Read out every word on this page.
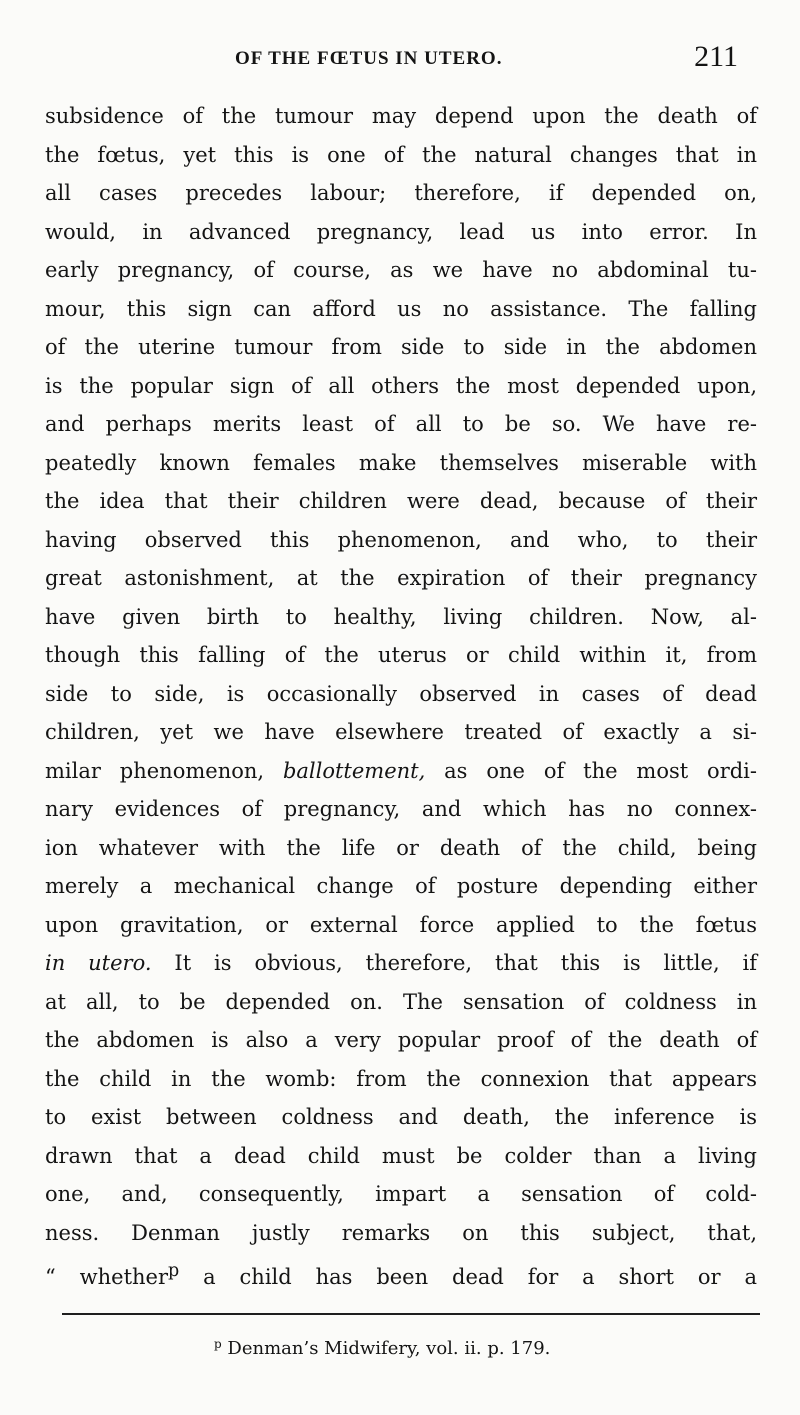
OF THE FŒTUS IN UTERO.	211
subsidence of the tumour may depend upon the death of
the fœtus, yet this is one of the natural changes that in
all cases precedes labour; therefore, if depended on,
would, in advanced pregnancy, lead us into error. In
early pregnancy, of course, as we have no abdominal tu-
mour, this sign can afford us no assistance. The falling
of the uterine tumour from side to side in the abdomen
is the popular sign of all others the most depended upon,
and perhaps merits least of all to be so. We have re-
peatedly known females make themselves miserable with
the idea that their children were dead, because of their
having observed this phenomenon, and who, to their
great astonishment, at the expiration of their pregnancy
have given birth to healthy, living children. Now, al-
though this falling of the uterus or child within it, from
side to side, is occasionally observed in cases of dead
children, yet we have elsewhere treated of exactly a si-
milar phenomenon, ballottement, as one of the most ordi-
nary evidences of pregnancy, and which has no connex-
ion whatever with the life or death of the child, being
merely a mechanical change of posture depending either
upon gravitation, or external force applied to the fœtus
in utero. It is obvious, therefore, that this is little, if
at all, to be depended on. The sensation of coldness in
the abdomen is also a very popular proof of the death of
the child in the womb: from the connexion that appears
to exist between coldness and death, the inference is
drawn that a dead child must be colder than a living
one, and, consequently, impart a sensation of cold-
ness. Denman justly remarks on this subject, that,
“ whether$^p$ a child has been dead for a short or a
$^p$ Denman’s Midwifery, vol. ii. p. 179.
